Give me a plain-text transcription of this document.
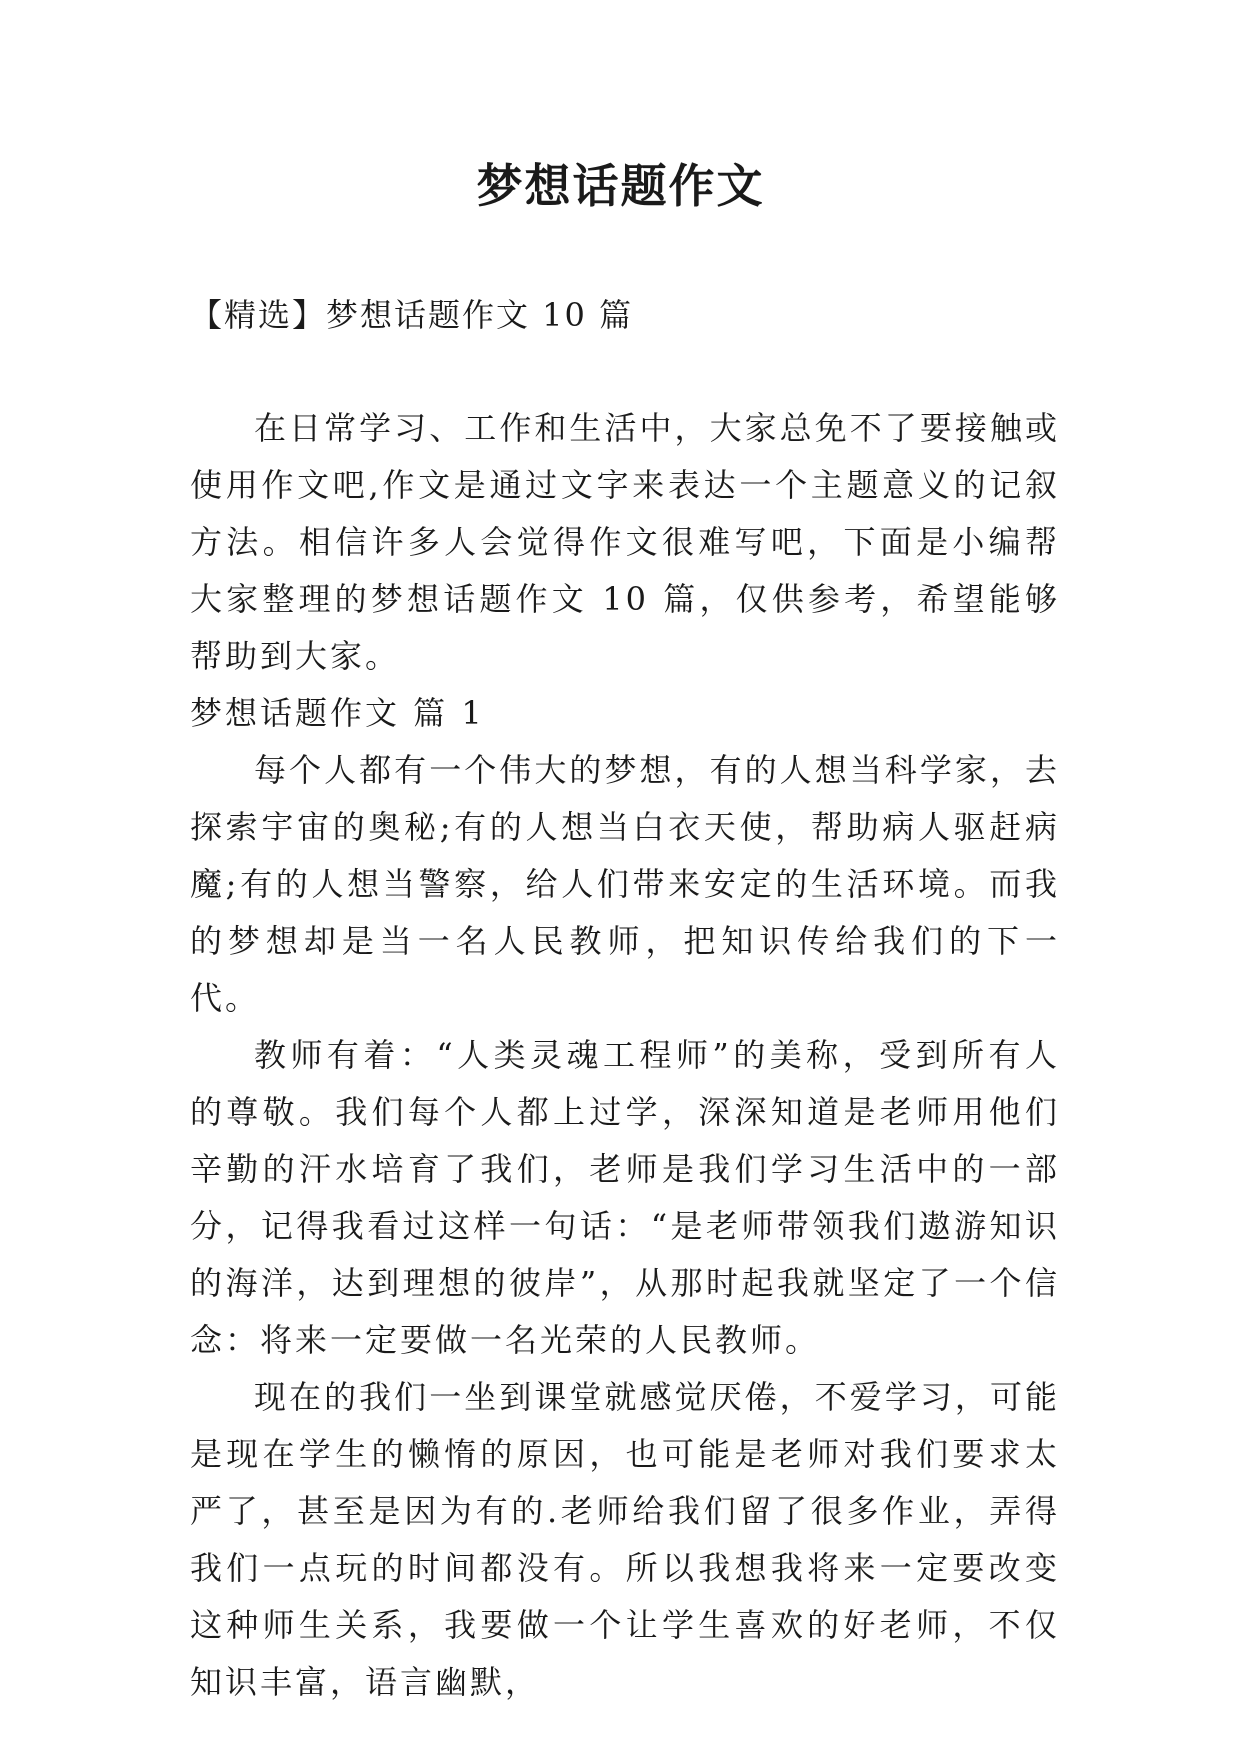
梦想话题作文
【精选】梦想话题作文 10 篇

在日常学习、工作和生活中，大家总免不了要接触或使用作文吧,作文是通过文字来表达一个主题意义的记叙方法。相信许多人会觉得作文很难写吧，下面是小编帮大家整理的梦想话题作文 10 篇，仅供参考，希望能够帮助到大家。

梦想话题作文 篇 1

每个人都有一个伟大的梦想，有的人想当科学家，去探索宇宙的奥秘;有的人想当白衣天使，帮助病人驱赶病魔;有的人想当警察，给人们带来安定的生活环境。而我的梦想却是当一名人民教师，把知识传给我们的下一代。

教师有着：“人类灵魂工程师”的美称，受到所有人的尊敬。我们每个人都上过学，深深知道是老师用他们辛勤的汗水培育了我们，老师是我们学习生活中的一部分，记得我看过这样一句话：“是老师带领我们遨游知识的海洋，达到理想的彼岸”，从那时起我就坚定了一个信念：将来一定要做一名光荣的人民教师。

现在的我们一坐到课堂就感觉厌倦，不爱学习，可能是现在学生的懒惰的原因，也可能是老师对我们要求太严了，甚至是因为有的.老师给我们留了很多作业，弄得我们一点玩的时间都没有。所以我想我将来一定要改变这种师生关系，我要做一个让学生喜欢的好老师，不仅知识丰富，语言幽默，
